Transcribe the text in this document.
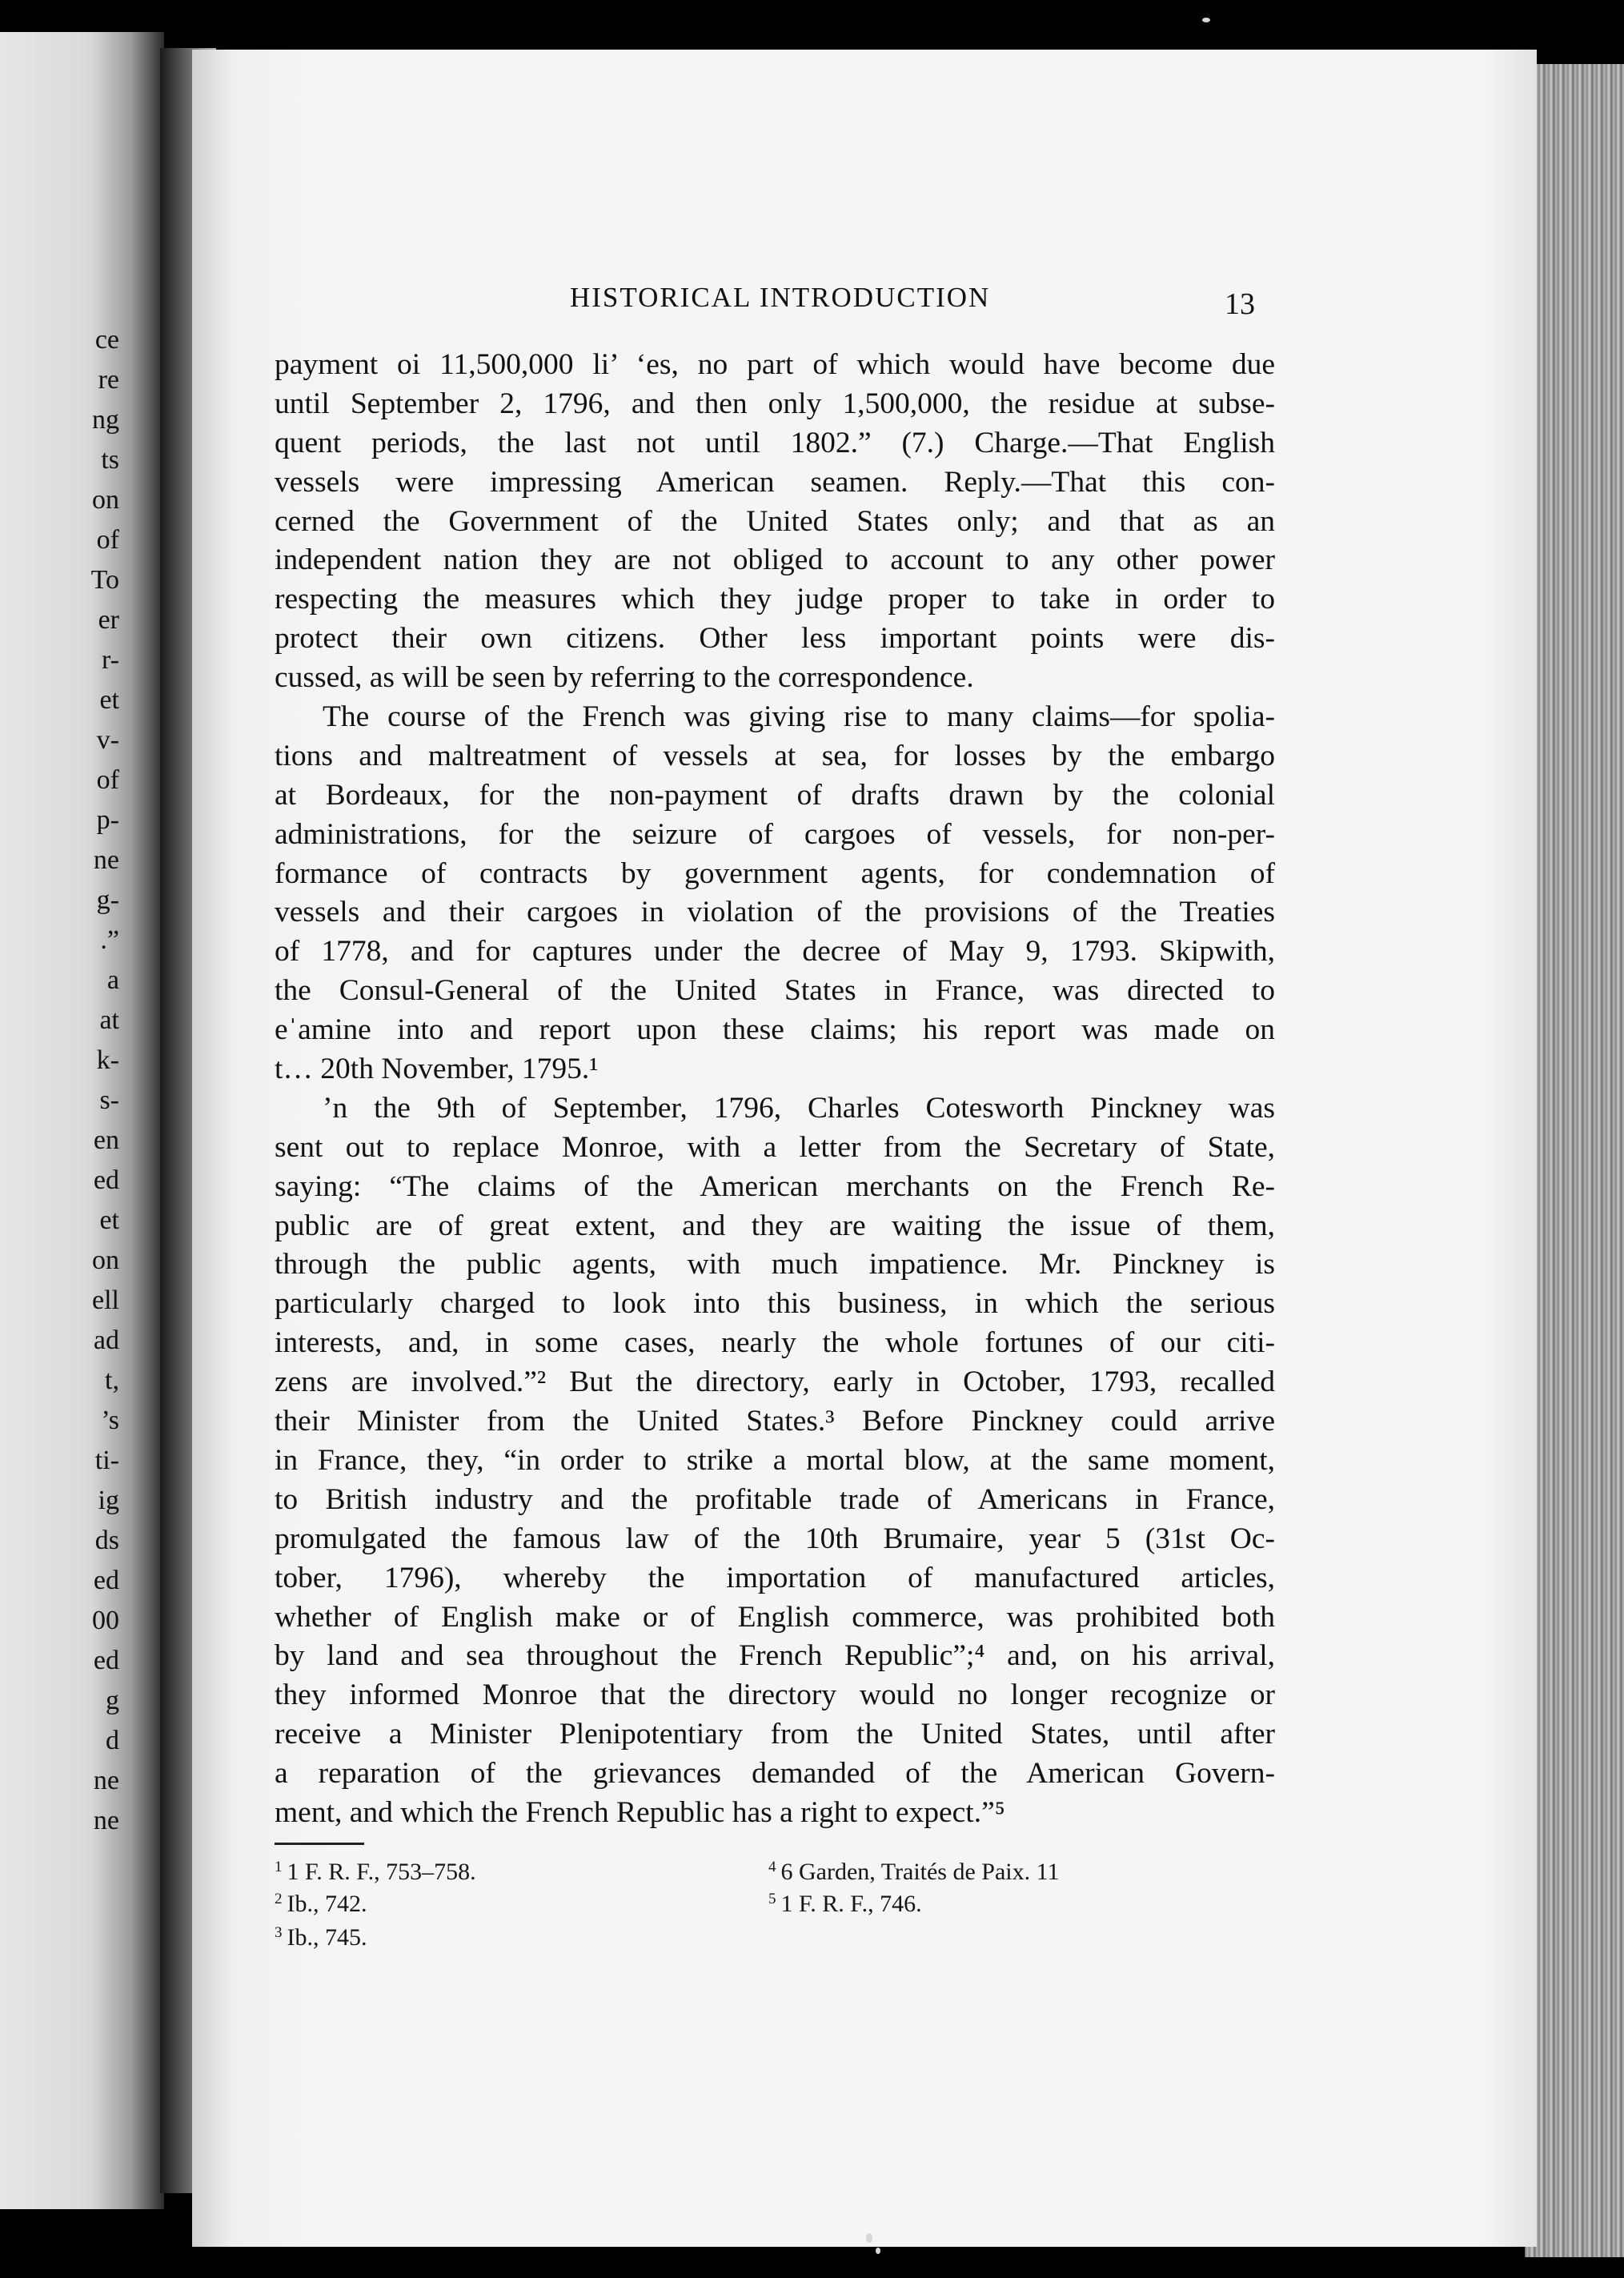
ce

re

ng

ts

on

of

To

er

r-

et

v-

of

p-

ne

g-

.”

a

at

k-

s-

en

ed

et

on

ell

ad

t,

’s

ti-

ig

ds

ed

00

ed

g

d

ne

ne

HISTORICAL INTRODUCTION	13

payment oi 11,500,000 li’ ‘es, no part of which would have become due

until September 2, 1796, and then only 1,500,000, the residue at subse-

quent periods, the last not until 1802.” (7.) Charge.—That English

vessels were impressing American seamen. Reply.—That this con-

cerned the Government of the United States only; and that as an

independent nation they are not obliged to account to any other power

respecting the measures which they judge proper to take in order to

protect their own citizens. Other less important points were dis-

cussed, as will be seen by referring to the correspondence.

The course of the French was giving rise to many claims—for spolia-

tions and maltreatment of vessels at sea, for losses by the embargo

at Bordeaux, for the non-payment of drafts drawn by the colonial

administrations, for the seizure of cargoes of vessels, for non-per-

formance of contracts by government agents, for condemnation of

vessels and their cargoes in violation of the provisions of the Treaties

of 1778, and for captures under the decree of May 9, 1793. Skipwith,

the Consul-General of the United States in France, was directed to

eˈamine into and report upon these claims; his report was made on

t… 20th November, 1795.¹

’n the 9th of September, 1796, Charles Cotesworth Pinckney was

sent out to replace Monroe, with a letter from the Secretary of State,

saying: “The claims of the American merchants on the French Re-

public are of great extent, and they are waiting the issue of them,

through the public agents, with much impatience. Mr. Pinckney is

particularly charged to look into this business, in which the serious

interests, and, in some cases, nearly the whole fortunes of our citi-

zens are involved.”² But the directory, early in October, 1793, recalled

their Minister from the United States.³ Before Pinckney could arrive

in France, they, “in order to strike a mortal blow, at the same moment,

to British industry and the profitable trade of Americans in France,

promulgated the famous law of the 10th Brumaire, year 5 (31st Oc-

tober, 1796), whereby the importation of manufactured articles,

whether of English make or of English commerce, was prohibited both

by land and sea throughout the French Republic”;⁴ and, on his arrival,

they informed Monroe that the directory would no longer recognize or

receive a Minister Plenipotentiary from the United States, until after

a reparation of the grievances demanded of the American Govern-

ment, and which the French Republic has a right to expect.”⁵

$^1$ 1 F. R. F., 753–758.

$^2$ Ib., 742.

$^3$ Ib., 745.

$^4$ 6 Garden, Traités de Paix. 11

$^5$ 1 F. R. F., 746.
